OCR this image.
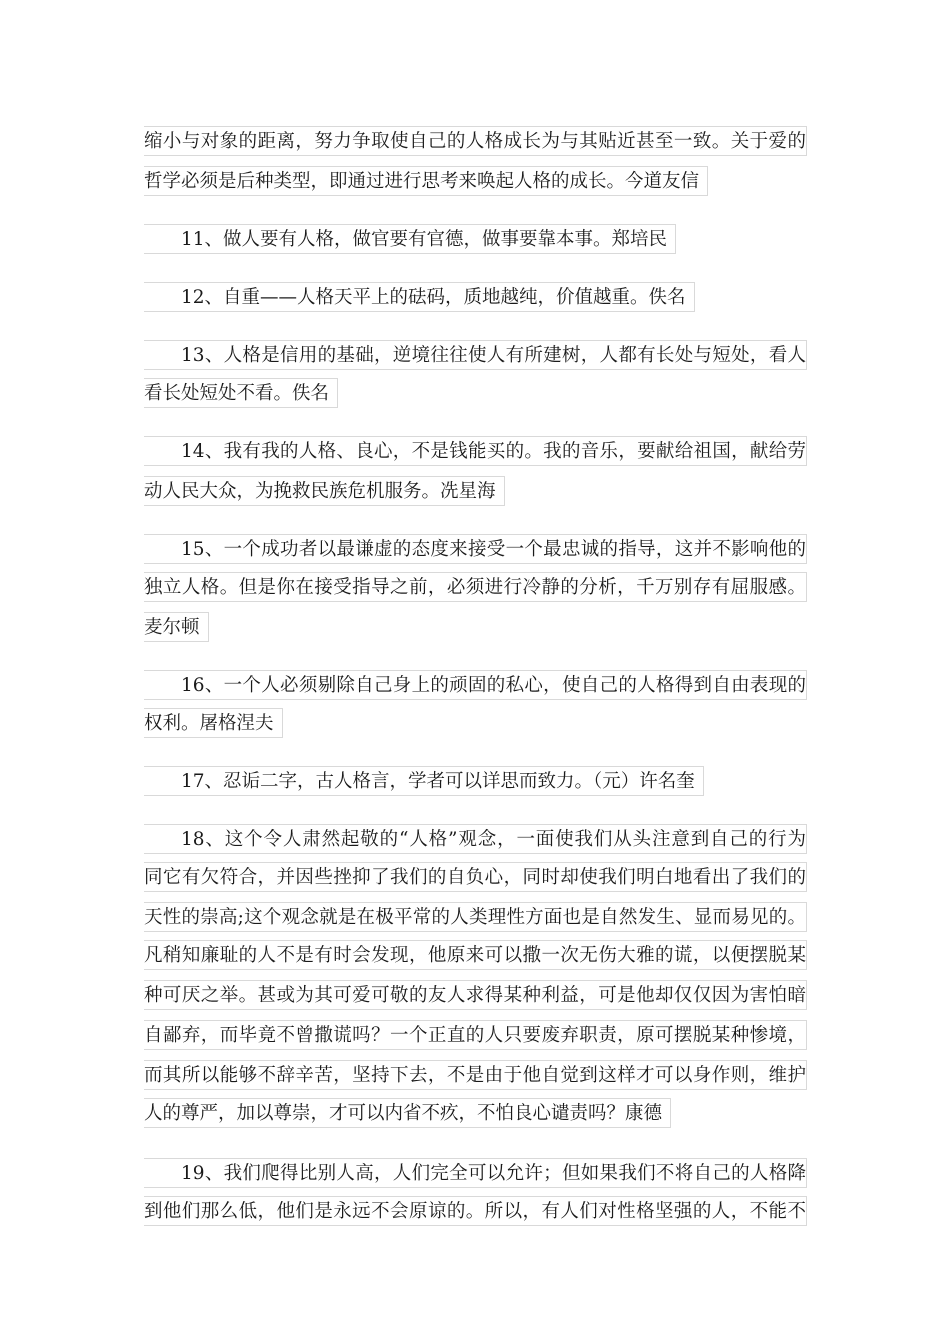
缩小与对象的距离，努力争取使自己的人格成长为与其贴近甚至一致。关于爱的
哲学必须是后种类型，即通过进行思考来唤起人格的成长。今道友信
11、做人要有人格，做官要有官德，做事要靠本事。郑培民
12、自重——人格天平上的砝码，质地越纯，价值越重。佚名
13、人格是信用的基础，逆境往往使人有所建树，人都有长处与短处，看人
看长处短处不看。佚名
14、我有我的人格、良心，不是钱能买的。我的音乐，要献给祖国，献给劳
动人民大众，为挽救民族危机服务。冼星海
15、一个成功者以最谦虚的态度来接受一个最忠诚的指导，这并不影响他的
独立人格。但是你在接受指导之前，必须进行冷静的分析，千万别存有屈服感。
麦尔顿
16、一个人必须剔除自己身上的顽固的私心，使自己的人格得到自由表现的
权利。屠格涅夫
17、忍诟二字，古人格言，学者可以详思而致力。（元）许名奎
18、这个令人肃然起敬的“人格”观念，一面使我们从头注意到自己的行为
同它有欠符合，并因些挫抑了我们的自负心，同时却使我们明白地看出了我们的
天性的崇高;这个观念就是在极平常的人类理性方面也是自然发生、显而易见的。
凡稍知廉耻的人不是有时会发现，他原来可以撒一次无伤大雅的谎，以便摆脱某
种可厌之举。甚或为其可爱可敬的友人求得某种利益，可是他却仅仅因为害怕暗
自鄙弃，而毕竟不曾撒谎吗？一个正直的人只要废弃职责，原可摆脱某种惨境，
而其所以能够不辞辛苦，坚持下去，不是由于他自觉到这样才可以身作则，维护
人的尊严，加以尊崇，才可以内省不疚，不怕良心谴责吗？康德
19、我们爬得比别人高，人们完全可以允许；但如果我们不将自己的人格降
到他们那么低，他们是永远不会原谅的。所以，有人们对性格坚强的人，不能不
